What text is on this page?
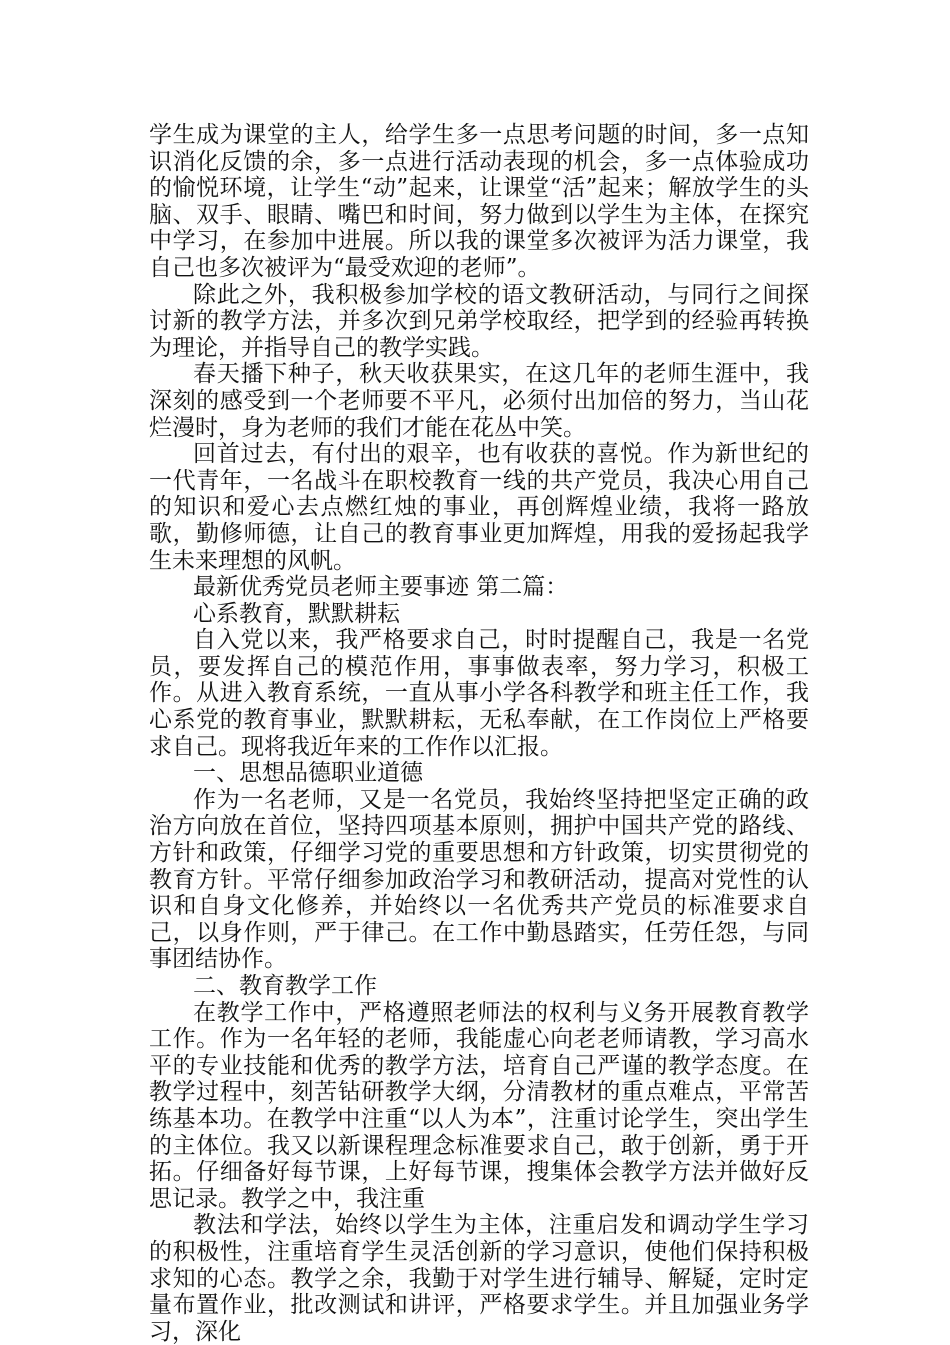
学生成为课堂的主人，给学生多一点思考问题的时间，多一点知识消化反馈的余，多一点进行活动表现的机会，多一点体验成功的愉悦环境，让学生“动”起来，让课堂“活”起来；解放学生的头脑、双手、眼睛、嘴巴和时间，努力做到以学生为主体，在探究中学习，在参加中进展。所以我的课堂多次被评为活力课堂，我自己也多次被评为“最受欢迎的老师”。

除此之外，我积极参加学校的语文教研活动，与同行之间探讨新的教学方法，并多次到兄弟学校取经，把学到的经验再转换为理论，并指导自己的教学实践。

春天播下种子，秋天收获果实，在这几年的老师生涯中，我深刻的感受到一个老师要不平凡，必须付出加倍的努力，当山花烂漫时，身为老师的我们才能在花丛中笑。

回首过去，有付出的艰辛，也有收获的喜悦。作为新世纪的一代青年，一名战斗在职校教育一线的共产党员，我决心用自己的知识和爱心去点燃红烛的事业，再创辉煌业绩，我将一路放歌，勤修师德，让自己的教育事业更加辉煌，用我的爱扬起我学生未来理想的风帆。

最新优秀党员老师主要事迹 第二篇：

心系教育，默默耕耘

自入党以来，我严格要求自己，时时提醒自己，我是一名党员，要发挥自己的模范作用，事事做表率，努力学习，积极工作。从进入教育系统，一直从事小学各科教学和班主任工作，我心系党的教育事业，默默耕耘，无私奉献，在工作岗位上严格要求自己。现将我近年来的工作作以汇报。

一、思想品德职业道德

作为一名老师，又是一名党员，我始终坚持把坚定正确的政治方向放在首位，坚持四项基本原则，拥护中国共产党的路线、方针和政策，仔细学习党的重要思想和方针政策，切实贯彻党的教育方针。平常仔细参加政治学习和教研活动，提高对党性的认识和自身文化修养，并始终以一名优秀共产党员的标准要求自己，以身作则，严于律己。在工作中勤恳踏实，任劳任怨，与同事团结协作。

二、教育教学工作

在教学工作中，严格遵照老师法的权利与义务开展教育教学工作。作为一名年轻的老师，我能虚心向老老师请教，学习高水平的专业技能和优秀的教学方法，培育自己严谨的教学态度。在教学过程中，刻苦钻研教学大纲，分清教材的重点难点，平常苦练基本功。在教学中注重“以人为本”，注重讨论学生，突出学生的主体位。我又以新课程理念标准要求自己，敢于创新，勇于开拓。仔细备好每节课，上好每节课，搜集体会教学方法并做好反思记录。教学之中，我注重

教法和学法，始终以学生为主体，注重启发和调动学生学习的积极性，注重培育学生灵活创新的学习意识，使他们保持积极求知的心态。教学之余，我勤于对学生进行辅导、解疑，定时定量布置作业，批改测试和讲评，严格要求学生。并且加强业务学习，深化
